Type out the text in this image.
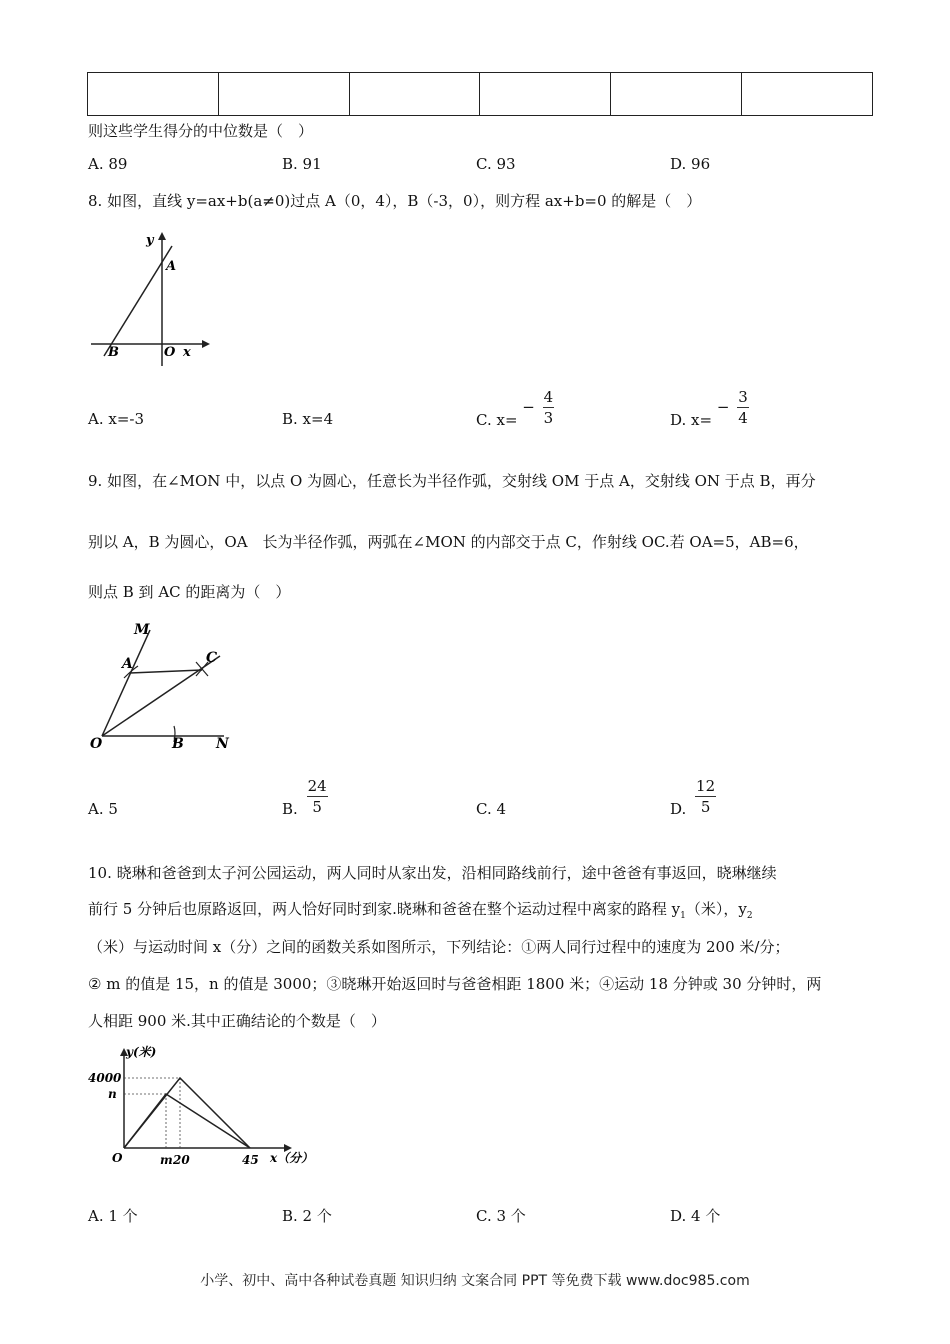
则这些学生得分的中位数是（　）
A. 89	B. 91	C. 93	D. 96
8. 如图，直线 y=ax+b(a≠0)过点 A（0，4），B（-3，0），则方程 ax+b=0 的解是（　）
y
A
B	O x
A. x=-3	B. x=4	C. $x= - \frac{4}{3}$	D. $x= - \frac{3}{4}$
9. 如图，在∠MON 中，以点 O 为圆心，任意长为半径作弧，交射线 OM 于点 A，交射线 ON 于点 B，再分
别以 A，B 为圆心，OA　长为半径作弧，两弧在∠MON 的内部交于点 C，作射线 OC.若 OA=5，AB=6，
则点 B 到 AC 的距离为（　）
M
A	C
O	B N
A. 5	B. $\frac{24}{5}$	C. 4	D. $\frac{12}{5}$
10. 晓琳和爸爸到太子河公园运动，两人同时从家出发，沿相同路线前行，途中爸爸有事返回，晓琳继续
前行 5 分钟后也原路返回，两人恰好同时到家.晓琳和爸爸在整个运动过程中离家的路程 $y_1$（米），$y_2$
（米）与运动时间 x（分）之间的函数关系如图所示，下列结论：①两人同行过程中的速度为 200 米/分；
② m 的值是 15，n 的值是 3000；③晓琳开始返回时与爸爸相距 1800 米；④运动 18 分钟或 30 分钟时，两
人相距 900 米.其中正确结论的个数是（　）
y(米)
4000
n
O	m 20	45 x（分）
A. 1 个	B. 2 个	C. 3 个	D. 4 个
小学、初中、高中各种试卷真题 知识归纳 文案合同 PPT 等免费下载 www.doc985.com
